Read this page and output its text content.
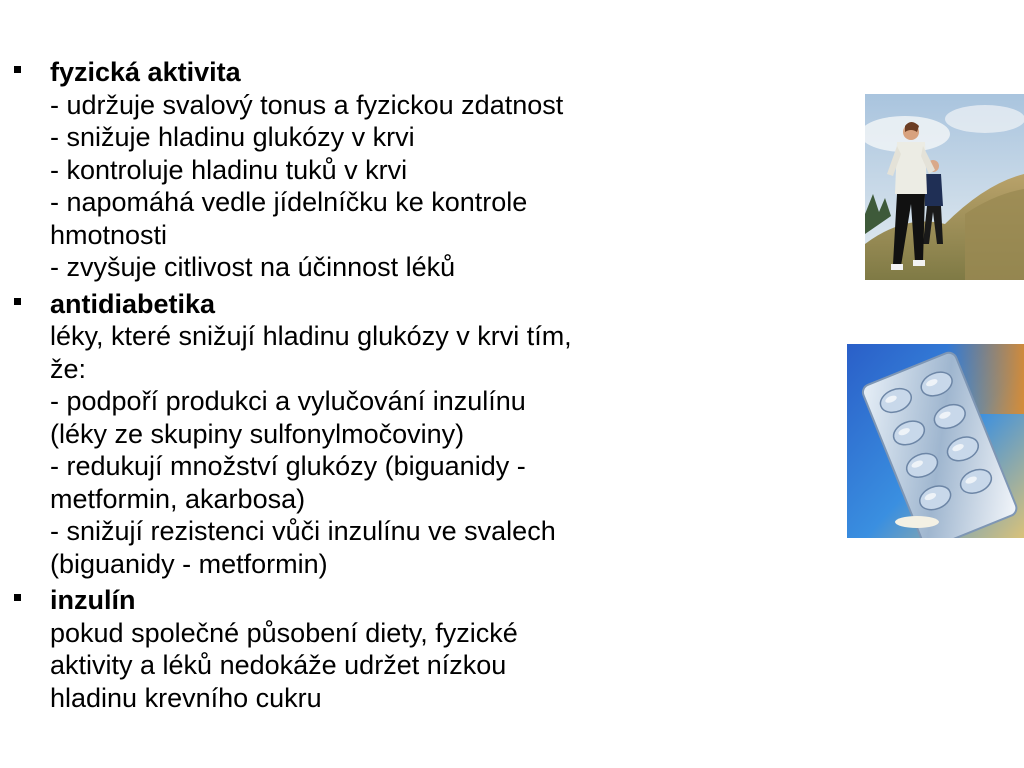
fyzická aktivita
- udržuje svalový tonus a fyzickou zdatnost
- snižuje hladinu glukózy v krvi
- kontroluje hladinu tuků v krvi
- napomáhá vedle jídelníčku ke kontrole
hmotnosti
- zvyšuje citlivost na účinnost léků
antidiabetika
léky, které snižují hladinu glukózy v krvi tím,
že:
- podpoří produkci a vylučování inzulínu
(léky ze skupiny sulfonylmočoviny)
- redukují množství glukózy (biguanidy -
metformin, akarbosa)
- snižují rezistenci vůči inzulínu ve svalech
(biguanidy - metformin)
inzulín
pokud společné působení diety, fyzické
aktivity a léků nedokáže udržet nízkou
hladinu krevního cukru
